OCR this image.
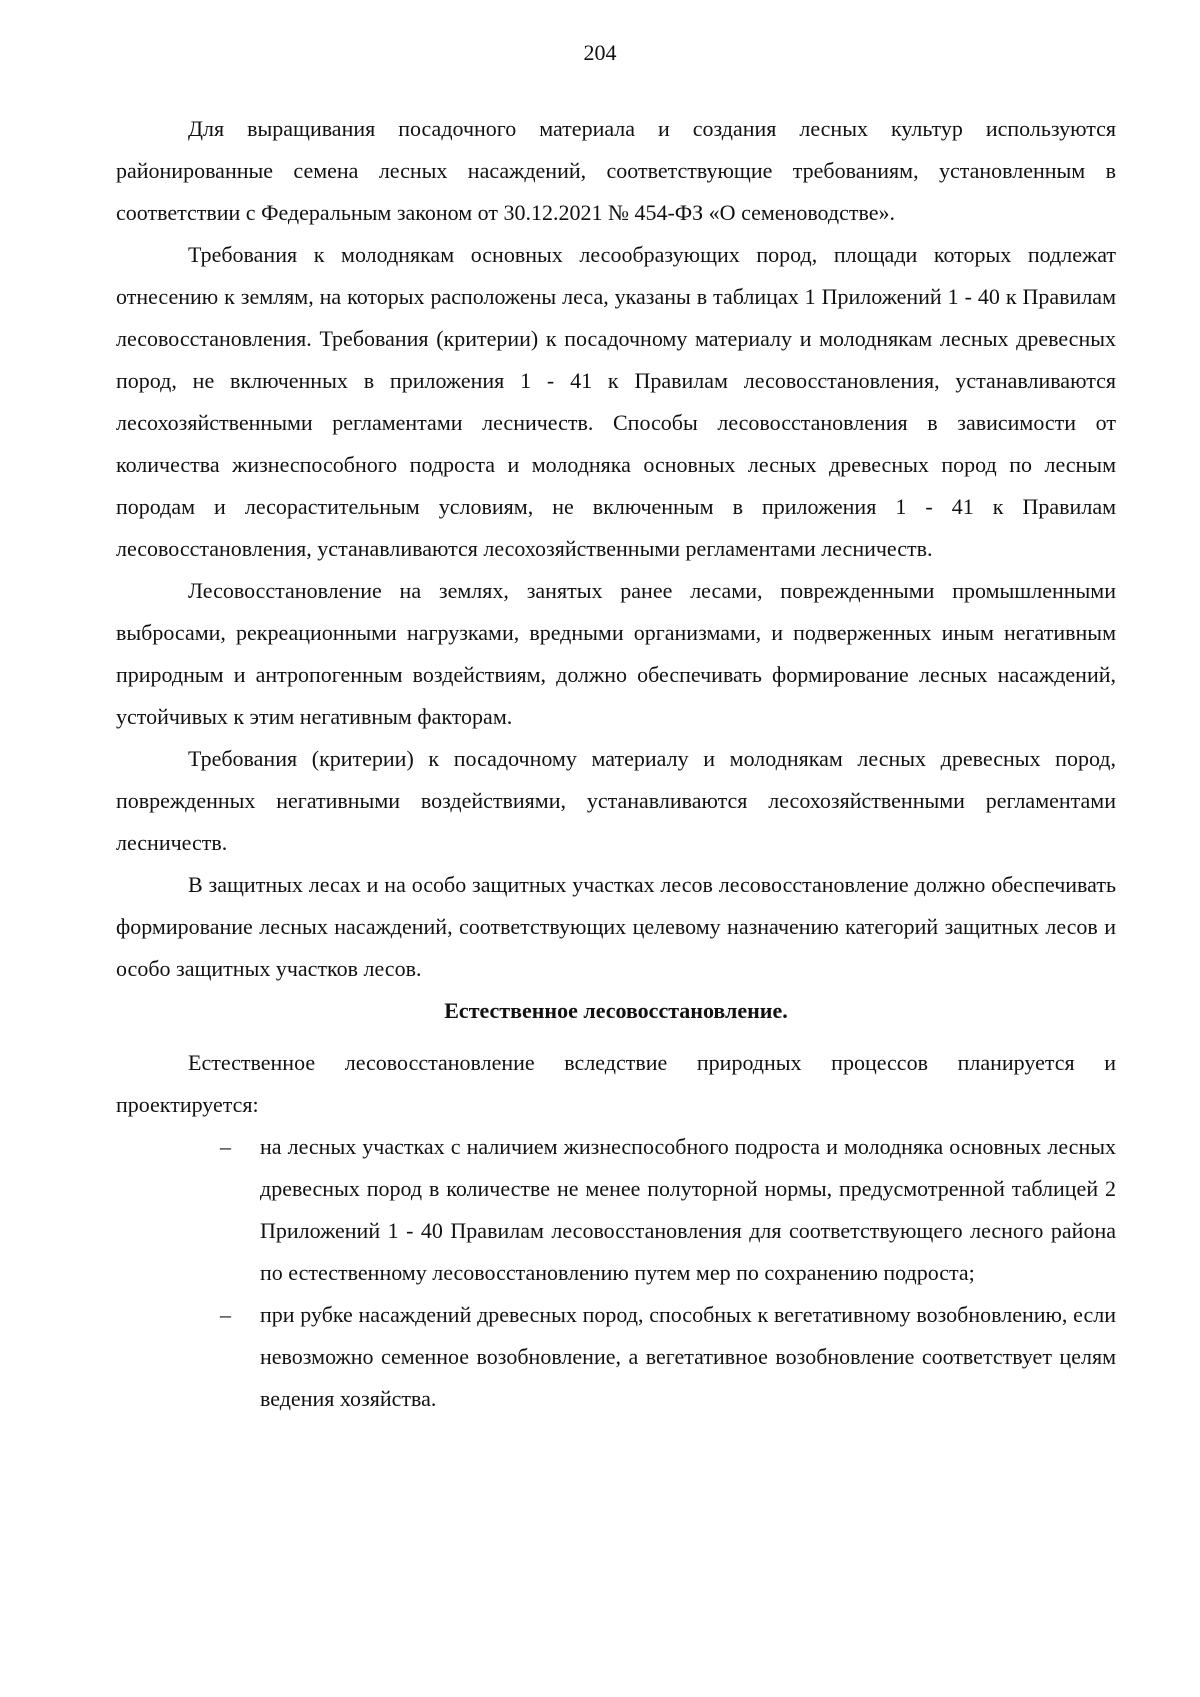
204

Для выращивания посадочного материала и создания лесных культур используются районированные семена лесных насаждений, соответствующие требованиям, установленным в соответствии с Федеральным законом от 30.12.2021 № 454-ФЗ «О семеноводстве».

Требования к молоднякам основных лесообразующих пород, площади которых подлежат отнесению к землям, на которых расположены леса, указаны в таблицах 1 Приложений 1 - 40 к Правилам лесовосстановления. Требования (критерии) к посадочному материалу и молоднякам лесных древесных пород, не включенных в приложения 1 - 41 к Правилам лесовосстановления, устанавливаются лесохозяйственными регламентами лесничеств. Способы лесовосстановления в зависимости от количества жизнеспособного подроста и молодняка основных лесных древесных пород по лесным породам и лесорастительным условиям, не включенным в приложения 1 - 41 к Правилам лесовосстановления, устанавливаются лесохозяйственными регламентами лесничеств.

Лесовосстановление на землях, занятых ранее лесами, поврежденными промышленными выбросами, рекреационными нагрузками, вредными организмами, и подверженных иным негативным природным и антропогенным воздействиям, должно обеспечивать формирование лесных насаждений, устойчивых к этим негативным факторам.

Требования (критерии) к посадочному материалу и молоднякам лесных древесных пород, поврежденных негативными воздействиями, устанавливаются лесохозяйственными регламентами лесничеств.

В защитных лесах и на особо защитных участках лесов лесовосстановление должно обеспечивать формирование лесных насаждений, соответствующих целевому назначению категорий защитных лесов и особо защитных участков лесов.

Естественное лесовосстановление.

Естественное лесовосстановление вследствие природных процессов планируется и проектируется:

– на лесных участках с наличием жизнеспособного подроста и молодняка основных лесных древесных пород в количестве не менее полуторной нормы, предусмотренной таблицей 2 Приложений 1 - 40 Правилам лесовосстановления для соответствующего лесного района по естественному лесовосстановлению путем мер по сохранению подроста;
– при рубке насаждений древесных пород, способных к вегетативному возобновлению, если невозможно семенное возобновление, а вегетативное возобновление соответствует целям ведения хозяйства.
